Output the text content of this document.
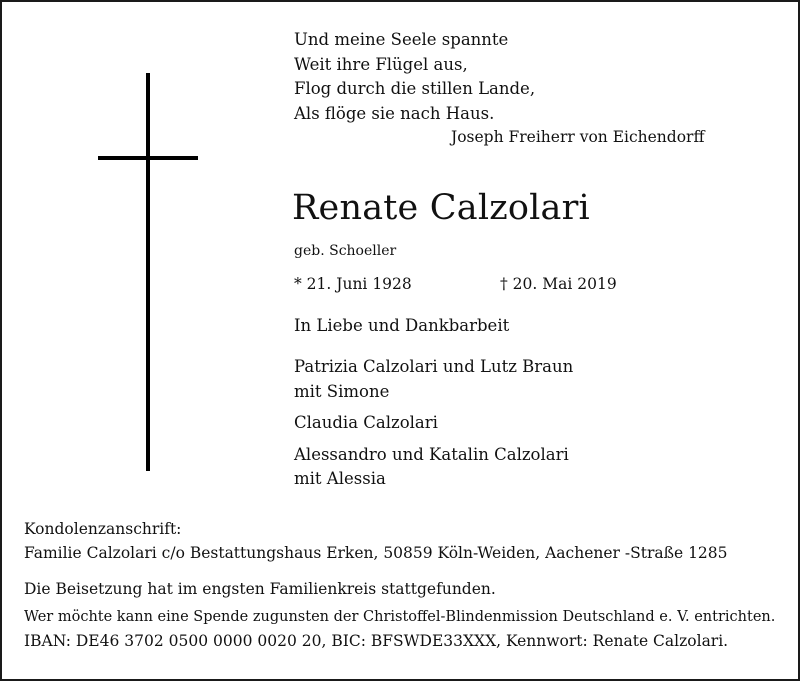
Und meine Seele spannte
Weit ihre Flügel aus,
Flog durch die stillen Lande,
Als flöge sie nach Haus.
Joseph Freiherr von Eichendorff
Renate Calzolari
geb. Schoeller
* 21. Juni 1928	† 20. Mai 2019
In Liebe und Dankbarbeit
Patrizia Calzolari und Lutz Braun
mit Simone
Claudia Calzolari
Alessandro und Katalin Calzolari
mit Alessia
Kondolenzanschrift:
Familie Calzolari c/o Bestattungshaus Erken, 50859 Köln-Weiden, Aachener -Straße 1285
Die Beisetzung hat im engsten Familienkreis stattgefunden.
Wer möchte kann eine Spende zugunsten der Christoffel-Blindenmission Deutschland e. V. entrichten.
IBAN: DE46 3702 0500 0000 0020 20, BIC: BFSWDE33XXX, Kennwort: Renate Calzolari.
